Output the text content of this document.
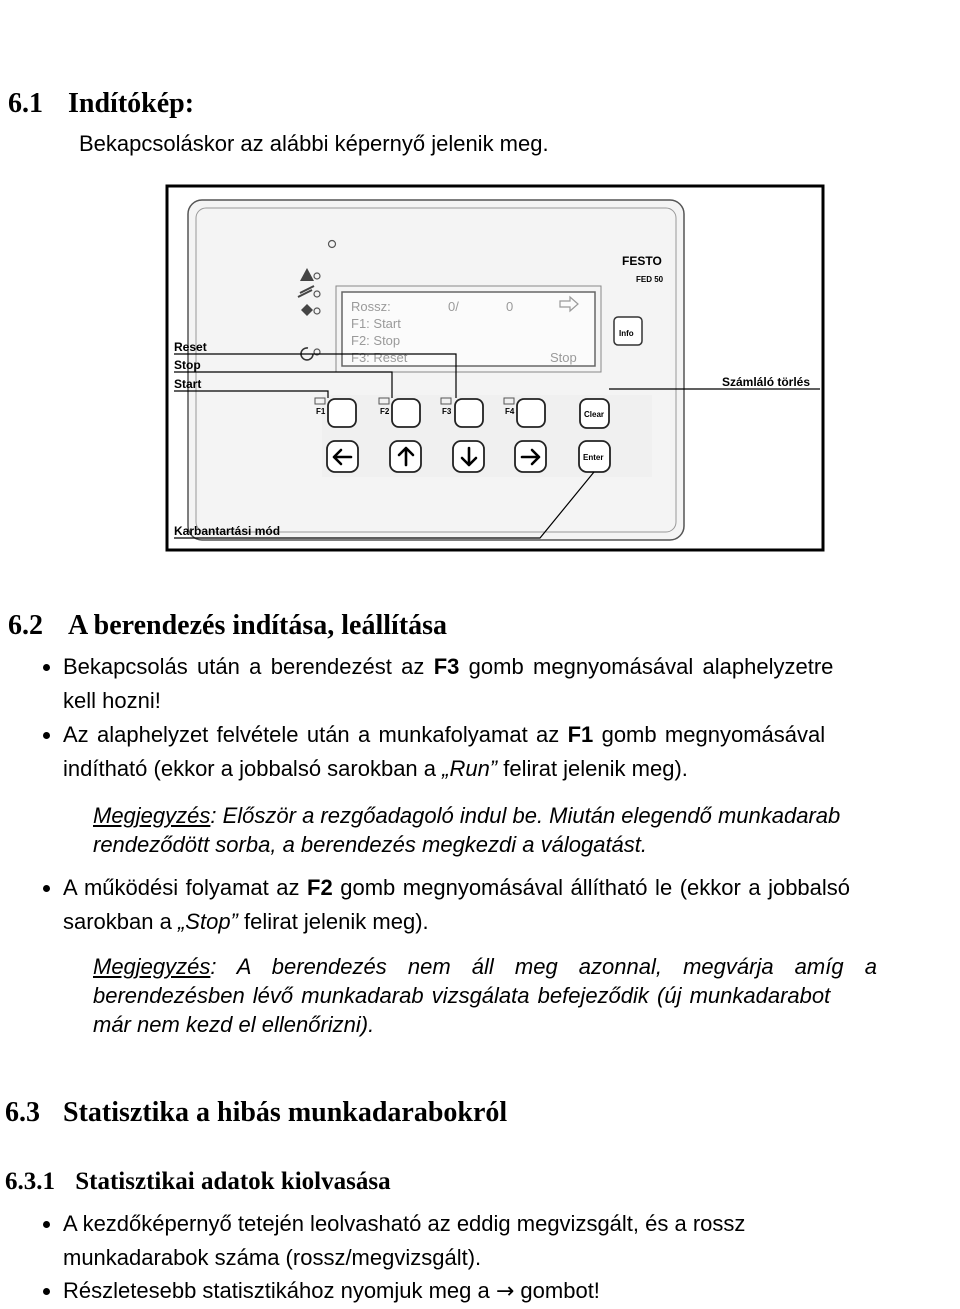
6.1 Indítókép:
Bekapcsoláskor az alábbi képernyő jelenik meg.
FESTO
FED 50
Rossz:	0/	0
F1: Start
F2: Stop
F3: Reset	Stop
Info
F1	F2	F3	F4	Clear
Enter
Reset
Stop
Start	Számláló törlés
Karbantartási mód
6.2 A berendezés indítása, leállítása
Bekapcsolás után a berendezést az F3 gomb megnyomásával alaphelyzetre
kell hozni!
Az alaphelyzet felvétele után a munkafolyamat az F1 gomb megnyomásával
indítható (ekkor a jobbalsó sarokban a „Run” felirat jelenik meg).
Megjegyzés: Először a rezgőadagoló indul be. Miután elegendő munkadarab
rendeződött sorba, a berendezés megkezdi a válogatást.
A működési folyamat az F2 gomb megnyomásával állítható le (ekkor a jobbalsó
sarokban a „Stop” felirat jelenik meg).
Megjegyzés: A berendezés nem áll meg azonnal, megvárja amíg a
berendezésben lévő munkadarab vizsgálata befejeződik (új munkadarabot
már nem kezd el ellenőrizni).
6.3 Statisztika a hibás munkadarabokról
6.3.1 Statisztikai adatok kiolvasása
A kezdőképernyő tetején leolvasható az eddig megvizsgált, és a rossz
munkadarabok száma (rossz/megvizsgált).
Részletesebb statisztikához nyomjuk meg a → gombot!
